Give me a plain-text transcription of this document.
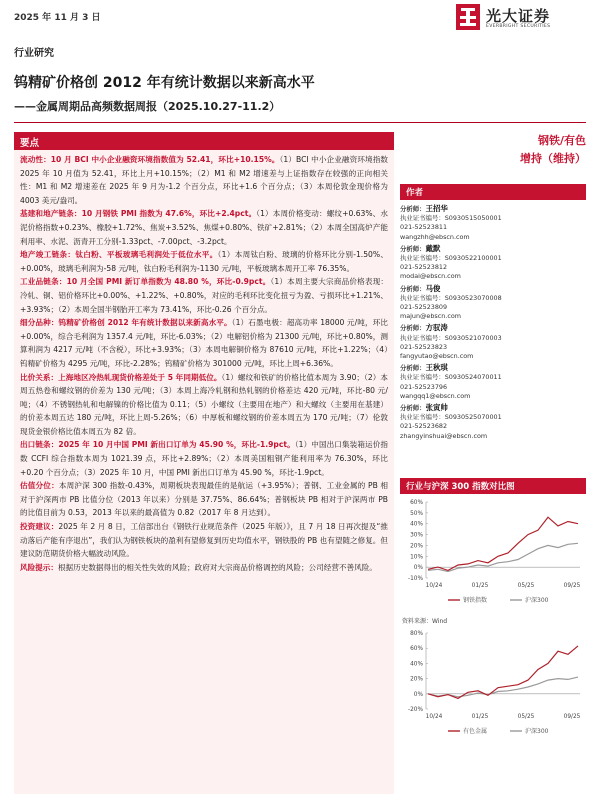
2025 年 11 月 3 日	光大证券
EVERBRIGHT SECURITIES
行业研究
钨精矿价格创 2012 年有统计数据以来新高水平
——金属周期品高频数据周报（2025.10.27-11.2）
要点

流动性：10 月 BCI 中小企业融资环境指数值为 52.41，环比+10.15%。（1）BCI 中小企业融资环境指数 2025 年 10 月值为 52.41，环比上月+10.15%；（2）M1 和 M2 增速差与上证指数存在较强的正向相关性：M1 和 M2 增速差在 2025 年 9 月为-1.2 个百分点，环比+1.6 个百分点；（3）本周伦敦金现价格为 4003 美元/盎司。

基建和地产链条：10 月钢铁 PMI 指数为 47.6%，环比+2.4pct。（1）本周价格变动：螺纹+0.63%、水泥价格指数+0.23%、橡胶+1.72%、焦炭+3.52%、焦煤+0.80%、铁矿+2.81%；（2）本周全国高炉产能利用率、水泥、沥青开工分别-1.33pct、-7.00pct、-3.2pct。

地产竣工链条：钛白粉、平板玻璃毛利润处于低位水平。（1）本周钛白粉、玻璃的价格环比分别-1.50%、+0.00%，玻璃毛利润为-58 元/吨，钛白粉毛利润为-1130 元/吨，平板玻璃本周开工率 76.35%。

工业品链条：10 月全国 PMI 新订单指数为 48.80 %，环比-0.9pct。（1）本周主要大宗商品价格表现：冷轧、铜、铝价格环比+0.00%、+1.22%、+0.80%，对应的毛利环比变化扭亏为盈、亏损环比+1.21%、+3.93%；（2）本周全国半钢胎开工率为 73.41%，环比-0.26 个百分点。

细分品种：钨精矿价格创 2012 年有统计数据以来新高水平。（1）石墨电极：超高功率 18000 元/吨，环比+0.00%，综合毛利润为 1357.4 元/吨，环比-6.03%；（2）电解铝价格为 21300 元/吨，环比+0.80%，测算利润为 4217 元/吨（不含税），环比+3.93%；（3）本周电解铜价格为 87610 元/吨，环比+1.22%；（4）钨精矿价格为 4295 元/吨，环比-2.28%；钨精矿价格为 301000 元/吨，环比上周+6.36%。

比价关系：上海地区冷热轧现货价格差处于 5 年同期低位。（1）螺纹和铁矿的价格比值本周为 3.90；（2）本周五热卷和螺纹钢的价差为 130 元/吨；（3）本周上海冷轧钢和热轧钢的价格差达 420 元/吨，环比-80 元/吨；（4）不锈钢热轧和电解镍的价格比值为 0.11；（5）小螺纹（主要用在地产）和大螺纹（主要用在基建）的价差本周五达 180 元/吨，环比上周-5.26%；（6）中厚板和螺纹钢的价差本周五为 170 元/吨；（7）伦敦现货金银价格比值本周五为 82 倍。

出口链条：2025 年 10 月中国 PMI 新出口订单为 45.90 %，环比-1.9pct。（1）中国出口集装箱运价指数 CCFI 综合指数本周为 1021.39 点，环比+2.89%；（2）本周美国粗钢产能利用率为 76.30%，环比+0.20 个百分点；（3）2025 年 10 月，中国 PMI 新出口订单为 45.90 %，环比-1.9pct。

估值分位：本周沪深 300 指数-0.43%，周期板块表现最佳的是航运（+3.95%）；普钢、工业金属的 PB 相对于沪深两市 PB 比值分位（2013 年以来）分别是 37.75%、86.64%；普钢板块 PB 相对于沪深两市 PB 的比值目前为 0.53，2013 年以来的最高值为 0.82（2017 年 8 月达到）。

投资建议：2025 年 2 月 8 日，工信部出台《钢铁行业规范条件（2025 年版）》，且 7 月 18 日再次提及“推动落后产能有序退出”，我们认为钢铁板块的盈利有望修复到历史均值水平，钢铁股的 PB 也有望随之修复。但建议防范期货价格大幅波动风险。

风险提示：根据历史数据得出的相关性失效的风险；政府对大宗商品价格调控的风险；公司经营不善风险。

钢铁/有色
增持（维持）
作者
分析师：王招华
执业证书编号：S0930515050001
021-52523811
wangzhh@ebscn.com
分析师：戴默
执业证书编号：S0930522100001
021-52523812
modai@ebscn.com
分析师：马俊
执业证书编号：S0930523070008
021-52523809
majun@ebscn.com
分析师：方驭涛
执业证书编号：S0930521070003
021-52523823
fangyutao@ebscn.com
分析师：王秋琪
执业证书编号：S0930524070011
021-52523796
wangqq1@ebscn.com
分析师：张寅帅
执业证书编号：S0930525070001
021-52523682
zhangyinshuai@ebscn.com
行业与沪深 300 指数对比图
-10%
0%
10%
20%
30%
40%
50%
60%
10/24	01/25	05/25	09/25
钢铁指数	沪深300
资料来源：Wind
-20%
0%
20%
40%
60%
80%
10/24	01/25	05/25	09/25
有色金属	沪深300
